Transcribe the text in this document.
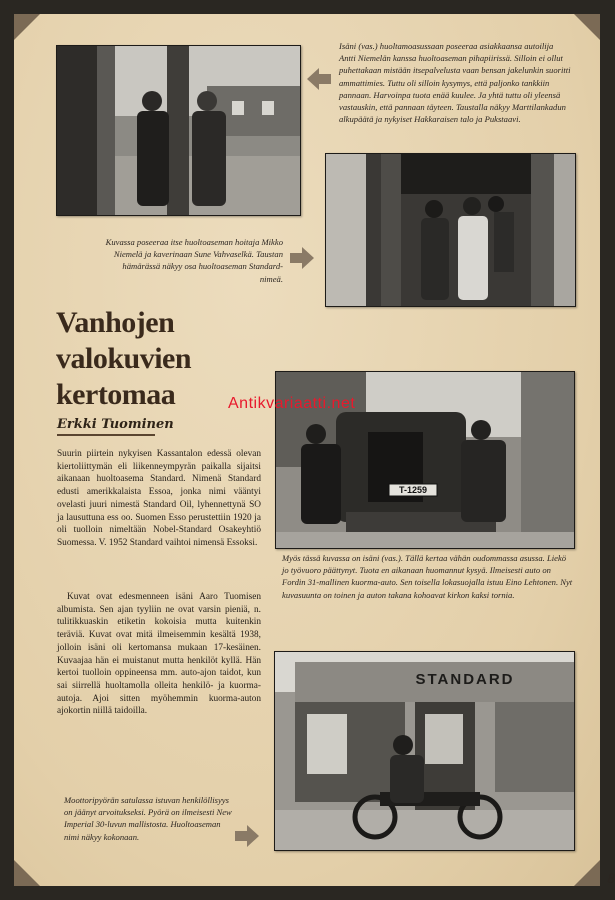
Isäni (vas.) huoltamoasussaan poseeraa asiakkaansa autoilija Antti Niemelän kanssa huoltoaseman pihapiirissä. Silloin ei ollut puhettakaan mistään itsepalvelusta vaan bensan jakelunkin suoritti ammattimies. Tuttu oli silloin kysymys, että paljonko tankkiin pannaan. Harvoinpa tuota enää kuulee. Ja yhtä tuttu oli yleensä vastauskin, että pannaan täyteen. Taustalla näkyy Marttilankadun alkupäätä ja nykyiset Hakkaraisen talo ja Pukstaavi.

Kuvassa poseeraa itse huoltoaseman hoitaja Mikko Niemelä ja kaverinaan Sune Vahvaselkä. Taustan hämärässä näkyy osa huoltoaseman Standard-nimeä.

Vanhojen
valokuvien
kertomaa

Erkki Tuominen

Suurin piirtein nykyisen Kassantalon edessä olevan kiertoliittymän eli liikenneympyrän paikalla sijaitsi aikanaan huoltoasema Standard. Nimenä Standard edusti amerikkalaista Essoa, jonka nimi vääntyi ovelasti juuri nimestä Standard Oil, lyhennettynä SO ja lausuttuna ess oo. Suomen Esso perustettiin 1920 ja oli tuolloin nimeltään Nobel-Standard Osakeyhtiö Suomessa. V. 1952 Standard vaihtoi nimensä Essoksi.

Kuvat ovat edesmenneen isäni Aaro Tuomisen albumista. Sen ajan tyyliin ne ovat varsin pieniä, n. tulitikkuaskin etiketin kokoisia mutta kuitenkin teräviä. Kuvat ovat mitä ilmeisemmin kesältä 1938, jolloin isäni oli kertomansa mukaan 17-kesäinen. Kuvaajaa hän ei muistanut mutta henkilöt kyllä. Hän kertoi tuolloin oppineensa mm. auto-ajon taidot, kun sai siirrellä huoltamolla olleita henkilö- ja kuorma-autoja. Ajoi sitten myöhemmin kuorma-auton ajokortin niillä taidoilla.

T-1259

Antikvariaatti.net

Myös tässä kuvassa on isäni (vas.). Tällä kertaa vähän oudommassa asussa. Liekö jo työvuoro päättynyt. Tuota en aikanaan huomannut kysyä. Ilmeisesti auto on Fordin 31-mallinen kuorma-auto. Sen toisella lokasuojalla istuu Eino Lehtonen. Nyt kuvasuunta on toinen ja auton takana kohoavat kirkon kaksi tornia.

STANDARD

Moottoripyörän satulassa istuvan henkilöllisyys on jäänyt arvoitukseksi. Pyörä on ilmeisesti New Imperial 30-luvun mallistosta. Huoltoaseman nimi näkyy kokonaan.

8
